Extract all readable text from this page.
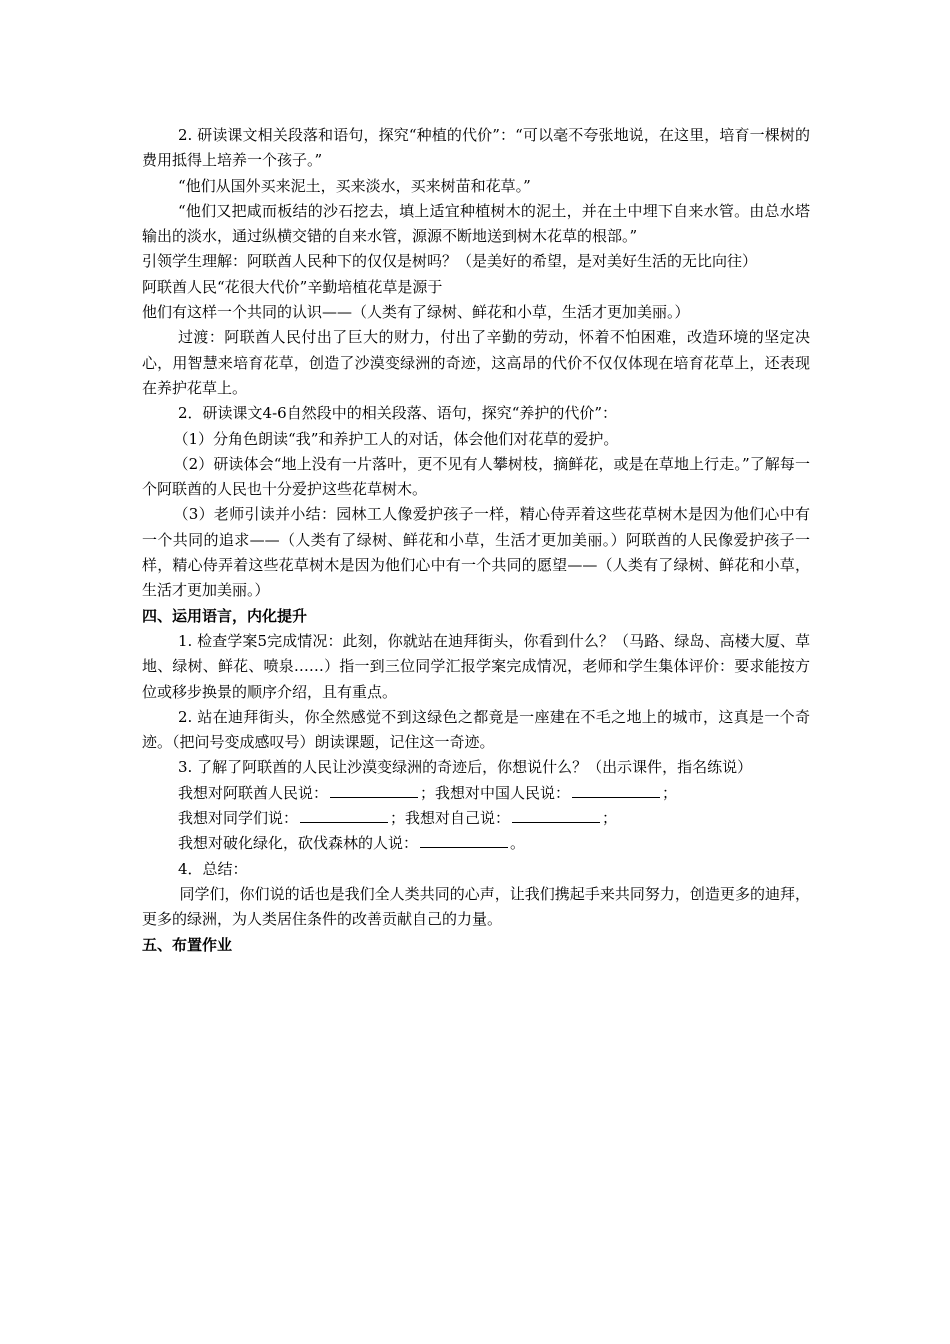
2. 研读课文相关段落和语句，探究“种植的代价”：“可以毫不夸张地说，在这里，培育一棵树的费用抵得上培养一个孩子。”

“他们从国外买来泥土，买来淡水，买来树苗和花草。”

“他们又把咸而板结的沙石挖去，填上适宜种植树木的泥土，并在土中埋下自来水管。由总水塔输出的淡水，通过纵横交错的自来水管，源源不断地送到树木花草的根部。”

引领学生理解：阿联酋人民种下的仅仅是树吗？（是美好的希望，是对美好生活的无比向往）

阿联酋人民“花很大代价”辛勤培植花草是源于

他们有这样一个共同的认识——（人类有了绿树、鲜花和小草，生活才更加美丽。）

过渡：阿联酋人民付出了巨大的财力，付出了辛勤的劳动，怀着不怕困难，改造环境的坚定决心，用智慧来培育花草，创造了沙漠变绿洲的奇迹，这高昂的代价不仅仅体现在培育花草上，还表现在养护花草上。

2．研读课文4-6自然段中的相关段落、语句，探究“养护的代价”：

（1）分角色朗读“我”和养护工人的对话，体会他们对花草的爱护。

（2）研读体会“地上没有一片落叶，更不见有人攀树枝，摘鲜花，或是在草地上行走。”了解每一个阿联酋的人民也十分爱护这些花草树木。

（3）老师引读并小结：园林工人像爱护孩子一样，精心侍弄着这些花草树木是因为他们心中有一个共同的追求——（人类有了绿树、鲜花和小草，生活才更加美丽。）阿联酋的人民像爱护孩子一样，精心侍弄着这些花草树木是因为他们心中有一个共同的愿望——（人类有了绿树、鲜花和小草，生活才更加美丽。）

四、运用语言，内化提升

1. 检查学案5完成情况：此刻，你就站在迪拜街头，你看到什么？（马路、绿岛、高楼大厦、草地、绿树、鲜花、喷泉……）指一到三位同学汇报学案完成情况，老师和学生集体评价：要求能按方位或移步换景的顺序介绍，且有重点。

2. 站在迪拜街头，你全然感觉不到这绿色之都竟是一座建在不毛之地上的城市，这真是一个奇迹。（把问号变成感叹号）朗读课题，记住这一奇迹。

3. 了解了阿联酋的人民让沙漠变绿洲的奇迹后，你想说什么？（出示课件，指名练说）

我想对阿联酋人民说：	；我想对中国人民说：	；

我想对同学们说：	；我想对自己说：	；

我想对破化绿化，砍伐森林的人说：	。

4．总结：

同学们，你们说的话也是我们全人类共同的心声，让我们携起手来共同努力，创造更多的迪拜，更多的绿洲，为人类居住条件的改善贡献自己的力量。

五、布置作业
